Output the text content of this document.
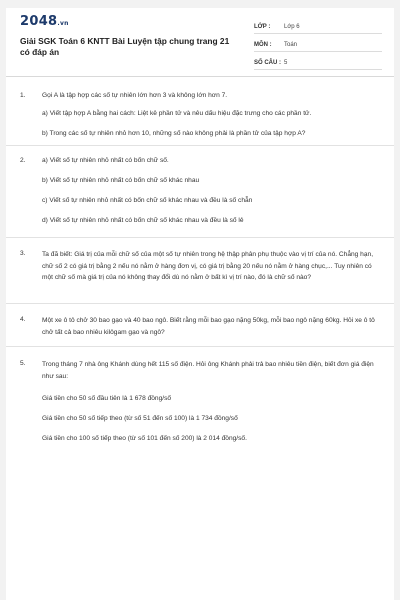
2048.vn
Giải SGK Toán 6 KNTT Bài Luyện tập chung trang 21 có đáp án
LỚP :	Lớp 6
MÔN :	Toán
SỐ CÂU : 5
1.	Gọi A là tập hợp các số tự nhiên lớn hơn 3 và không lớn hơn 7.
a) Viết tập hợp A bằng hai cách: Liệt kê phần tử và nêu dấu hiệu đặc trưng cho các phần tử.
b) Trong các số tự nhiên nhỏ hơn 10, những số nào không phải là phần tử của tập hợp A?
2.	a) Viết số tự nhiên nhỏ nhất có bốn chữ số.
b) Viết số tự nhiên nhỏ nhất có bốn chữ số khác nhau
c) Viết số tự nhiên nhỏ nhất có bốn chữ số khác nhau và đều là số chẵn
d) Viết số tự nhiên nhỏ nhất có bốn chữ số khác nhau và đều là số lẻ
3.	Ta đã biết: Giá trị của mỗi chữ số của một số tự nhiên trong hệ thập phân phụ thuộc vào vị trí của nó. Chẳng hạn, chữ số 2 có giá trị bằng 2 nếu nó nằm ở hàng đơn vị, có giá trị bằng 20 nếu nó nằm ở hàng chục,... Tuy nhiên có một chữ số mà giá trị của nó không thay đổi dù nó nằm ở bất kì vị trí nào, đó là chữ số nào?
4.	Một xe ô tô chở 30 bao gạo và 40 bao ngô. Biết rằng mỗi bao gạo nặng 50kg, mỗi bao ngô nặng 60kg. Hỏi xe ô tô chở tất cả bao nhiêu kilôgam gạo và ngô?
5.	Trong tháng 7 nhà ông Khánh dùng hết 115 số điện. Hỏi ông Khánh phải trả bao nhiêu tiền điện, biết đơn giá điện như sau:
Giá tiền cho 50 số đầu tiên là 1 678 đồng/số
Giá tiền cho 50 số tiếp theo (từ số 51 đến số 100) là 1 734 đồng/số
Giá tiền cho 100 số tiếp theo (từ số 101 đến số 200) là 2 014 đồng/số.
